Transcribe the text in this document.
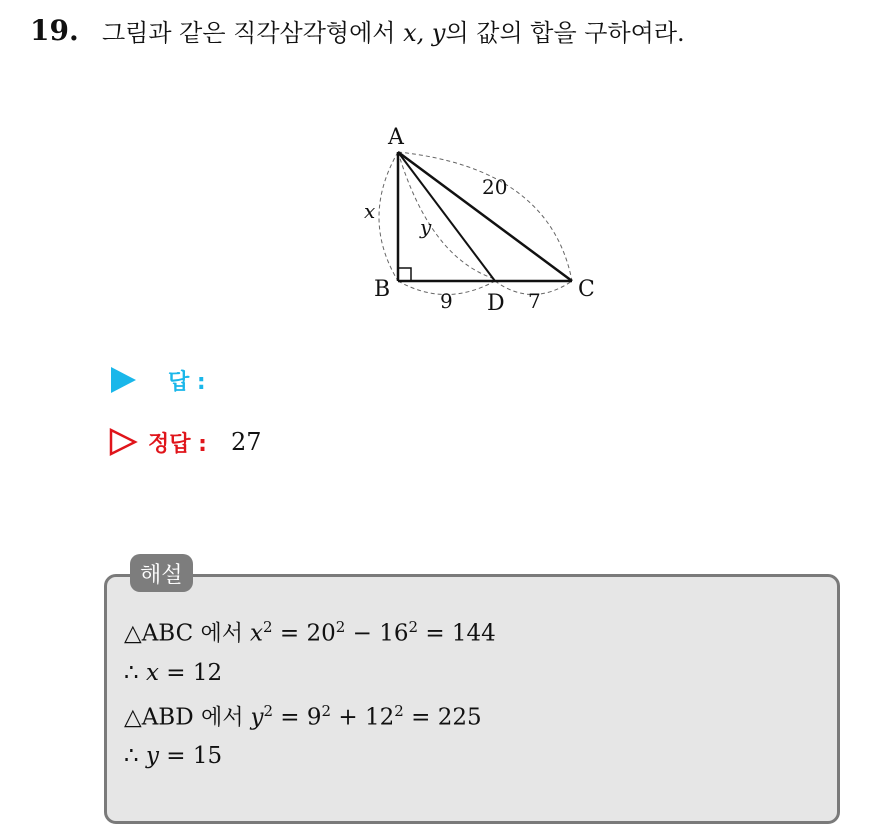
19. 그림과 같은 직각삼각형에서 x, y의 값의 합을 구하여라.
A
B	C
D
x
y
20
9	7
답 :
정답 : 27
해설
△ABC 에서 $x^2 = 20^2 - 16^2 = 144$
∴ x = 12
△ABD 에서 $y^2 = 9^2 + 12^2 = 225$
∴ y = 15
